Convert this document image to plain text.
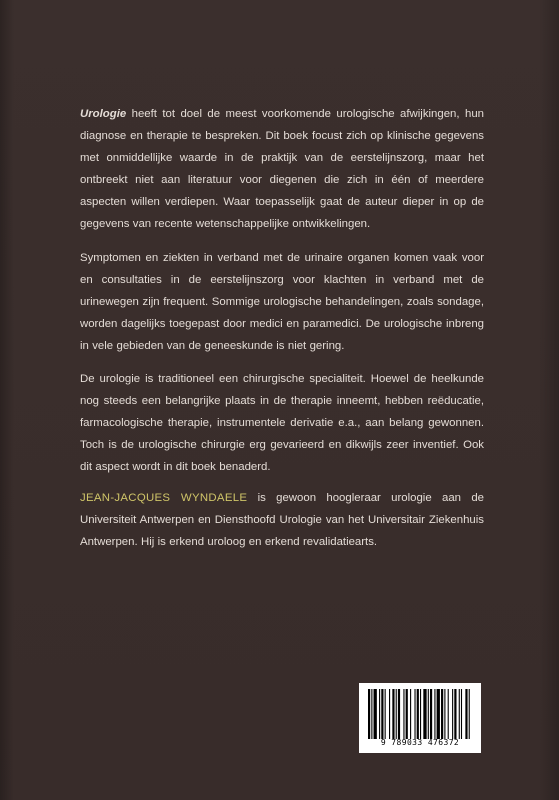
Urologie heeft tot doel de meest voorkomende urologische afwijkingen, hun diagnose en therapie te bespreken. Dit boek focust zich op klinische gegevens met onmiddellijke waarde in de praktijk van de eerstelijnszorg, maar het ontbreekt niet aan literatuur voor diegenen die zich in één of meerdere aspecten willen verdiepen. Waar toepasselijk gaat de auteur dieper in op de gegevens van recente wetenschappelijke ontwikkelingen.

Symptomen en ziekten in verband met de urinaire organen komen vaak voor en consultaties in de eerstelijnszorg voor klachten in verband met de urinewegen zijn frequent. Sommige urologische behandelingen, zoals sondage, worden dagelijks toegepast door medici en paramedici. De urologische inbreng in vele gebieden van de geneeskunde is niet gering.

De urologie is traditioneel een chirurgische specialiteit. Hoewel de heelkunde nog steeds een belangrijke plaats in de therapie inneemt, hebben reëducatie, farmacologische therapie, instrumentele derivatie e.a., aan belang gewonnen. Toch is de urologische chirurgie erg gevarieerd en dikwijls zeer inventief. Ook dit aspect wordt in dit boek benaderd.

JEAN-JACQUES WYNDAELE is gewoon hoogleraar urologie aan de Universiteit Antwerpen en Diensthoofd Urologie van het Universitair Ziekenhuis Antwerpen. Hij is erkend uroloog en erkend revalidatiearts.

9 789033 476372
